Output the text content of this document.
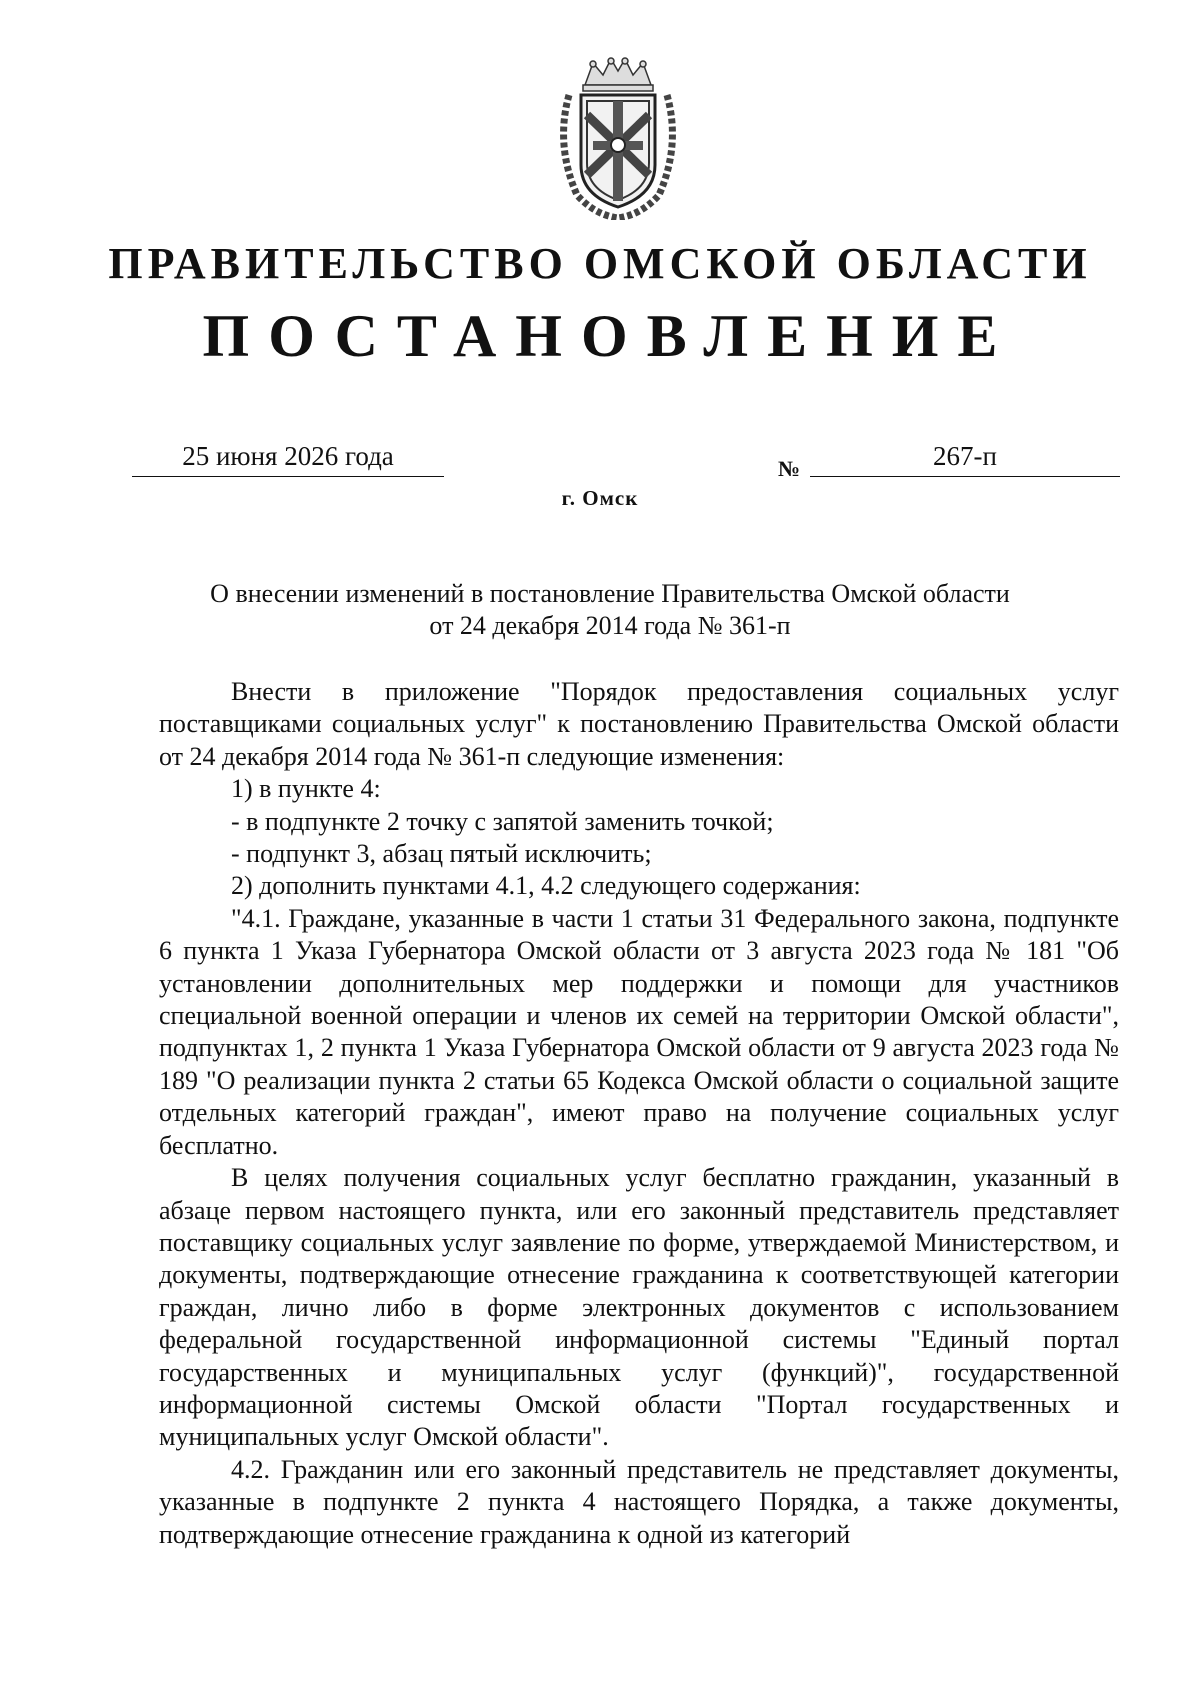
ПРАВИТЕЛЬСТВО ОМСКОЙ ОБЛАСТИ
ПОСТАНОВЛЕНИЕ
25 июня 2026 года	№	267-п
г. Омск
О внесении изменений в постановление Правительства Омской области
от 24 декабря 2014 года № 361-п

Внести в приложение "Порядок предоставления социальных услуг поставщиками социальных услуг" к постановлению Правительства Омской области от 24 декабря 2014 года № 361-п следующие изменения:

1) в пункте 4:

- в подпункте 2 точку с запятой заменить точкой;

- подпункт 3, абзац пятый исключить;

2) дополнить пунктами 4.1, 4.2 следующего содержания:

"4.1. Граждане, указанные в части 1 статьи 31 Федерального закона, подпункте 6 пункта 1 Указа Губернатора Омской области от 3 августа 2023 года № 181 "Об установлении дополнительных мер поддержки и помощи для участников специальной военной операции и членов их семей на территории Омской области", подпунктах 1, 2 пункта 1 Указа Губернатора Омской области от 9 августа 2023 года № 189 "О реализации пункта 2 статьи 65 Кодекса Омской области о социальной защите отдельных категорий граждан", имеют право на получение социальных услуг бесплатно.

В целях получения социальных услуг бесплатно гражданин, указанный в абзаце первом настоящего пункта, или его законный представитель представляет поставщику социальных услуг заявление по форме, утверждаемой Министерством, и документы, подтверждающие отнесение гражданина к соответствующей категории граждан, лично либо в форме электронных документов с использованием федеральной государственной информационной системы "Единый портал государственных и муниципальных услуг (функций)", государственной информационной системы Омской области "Портал государственных и муниципальных услуг Омской области".

4.2. Гражданин или его законный представитель не представляет документы, указанные в подпункте 2 пункта 4 настоящего Порядка, а также документы, подтверждающие отнесение гражданина к одной из категорий
